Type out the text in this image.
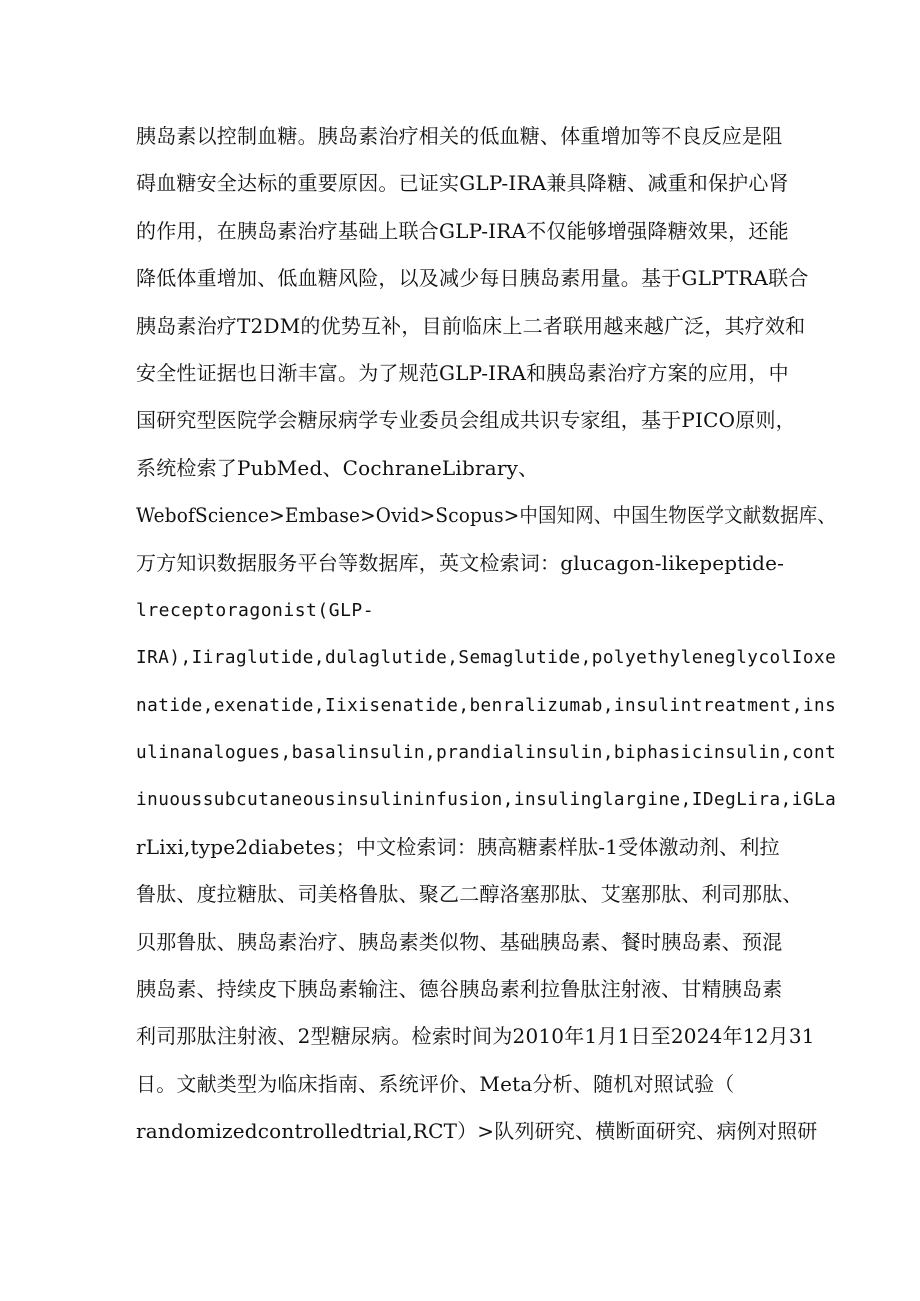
胰岛素以控制血糖。胰岛素治疗相关的低血糖、体重增加等不良反应是阻
碍血糖安全达标的重要原因。已证实GLP-IRA兼具降糖、减重和保护心肾
的作用，在胰岛素治疗基础上联合GLP-IRA不仅能够增强降糖效果，还能
降低体重增加、低血糖风险，以及减少每日胰岛素用量。基于GLPTRA联合
胰岛素治疗T2DM的优势互补，目前临床上二者联用越来越广泛，其疗效和
安全性证据也日渐丰富。为了规范GLP-IRA和胰岛素治疗方案的应用，中
国研究型医院学会糖尿病学专业委员会组成共识专家组，基于PICO原则，
系统检索了PubMed、CochraneLibrary、
WebofScience>Embase>Ovid>Scopus>中国知网、中国生物医学文献数据库、
万方知识数据服务平台等数据库，英文检索词：glucagon-likepeptide-
lreceptoragonist(GLP-
IRA),Iiraglutide,dulaglutide,Semaglutide,polyethyleneglycolIoxe
natide,exenatide,Iixisenatide,benralizumab,insulintreatment,ins
ulinanalogues,basalinsulin,prandialinsulin,biphasicinsulin,cont
inuoussubcutaneousinsulininfusion,insulinglargine,IDegLira,iGLa
rLixi,type2diabetes；中文检索词：胰高糖素样肽-1受体激动剂、利拉
鲁肽、度拉糖肽、司美格鲁肽、聚乙二醇洛塞那肽、艾塞那肽、利司那肽、
贝那鲁肽、胰岛素治疗、胰岛素类似物、基础胰岛素、餐时胰岛素、预混
胰岛素、持续皮下胰岛素输注、德谷胰岛素利拉鲁肽注射液、甘精胰岛素
利司那肽注射液、2型糖尿病。检索时间为2010年1月1日至2024年12月31
日。文献类型为临床指南、系统评价、Meta分析、随机对照试验（
randomizedcontrolledtrial,RCT）>队列研究、横断面研究、病例对照研
